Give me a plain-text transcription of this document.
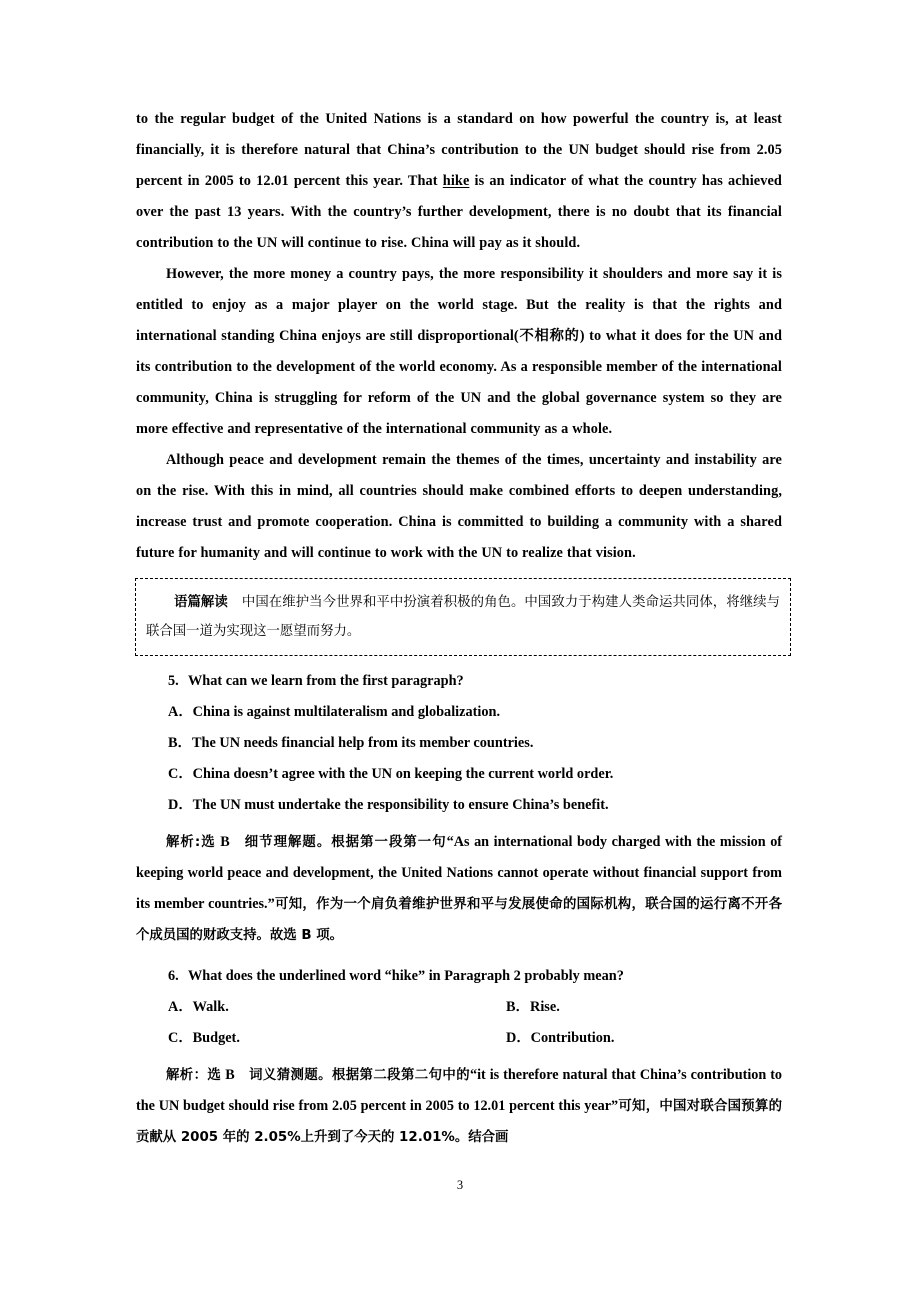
to the regular budget of the United Nations is a standard on how powerful the country is, at least financially, it is therefore natural that China’s contribution to the UN budget should rise from 2.05 percent in 2005 to 12.01 percent this year. That hike is an indicator of what the country has achieved over the past 13 years. With the country’s further development, there is no doubt that its financial contribution to the UN will continue to rise. China will pay as it should.

However, the more money a country pays, the more responsibility it shoulders and more say it is entitled to enjoy as a major player on the world stage. But the reality is that the rights and international standing China enjoys are still disproportional(不相称的) to what it does for the UN and its contribution to the development of the world economy. As a responsible member of the international community, China is struggling for reform of the UN and the global governance system so they are more effective and representative of the international community as a whole.

Although peace and development remain the themes of the times, uncertainty and instability are on the rise. With this in mind, all countries should make combined efforts to deepen understanding, increase trust and promote cooperation. China is committed to building a community with a shared future for humanity and will continue to work with the UN to realize that vision.

语篇解读 中国在维护当今世界和平中扮演着积极的角色。中国致力于构建人类命运共同体，将继续与联合国一道为实现这一愿望而努力。

5. What can we learn from the first paragraph?

A．China is against multilateralism and globalization.

B．The UN needs financial help from its member countries.

C．China doesn’t agree with the UN on keeping the current world order.

D．The UN must undertake the responsibility to ensure China’s benefit.

解析:选 B 细节理解题。根据第一段第一句“As an international body charged with the mission of keeping world peace and development, the United Nations cannot operate without financial support from its member countries.”可知，作为一个肩负着维护世界和平与发展使命的国际机构，联合国的运行离不开各个成员国的财政支持。故选 B 项。

6. What does the underlined word “hike” in Paragraph 2 probably mean?

A．Walk.	B．Rise.
C．Budget.	D．Contribution.

解析：选 B 词义猜测题。根据第二段第二句中的“it is therefore natural that China’s contribution to the UN budget should rise from 2.05 percent in 2005 to 12.01 percent this year”可知，中国对联合国预算的贡献从 2005 年的 2.05%上升到了今天的 12.01%。结合画

3
